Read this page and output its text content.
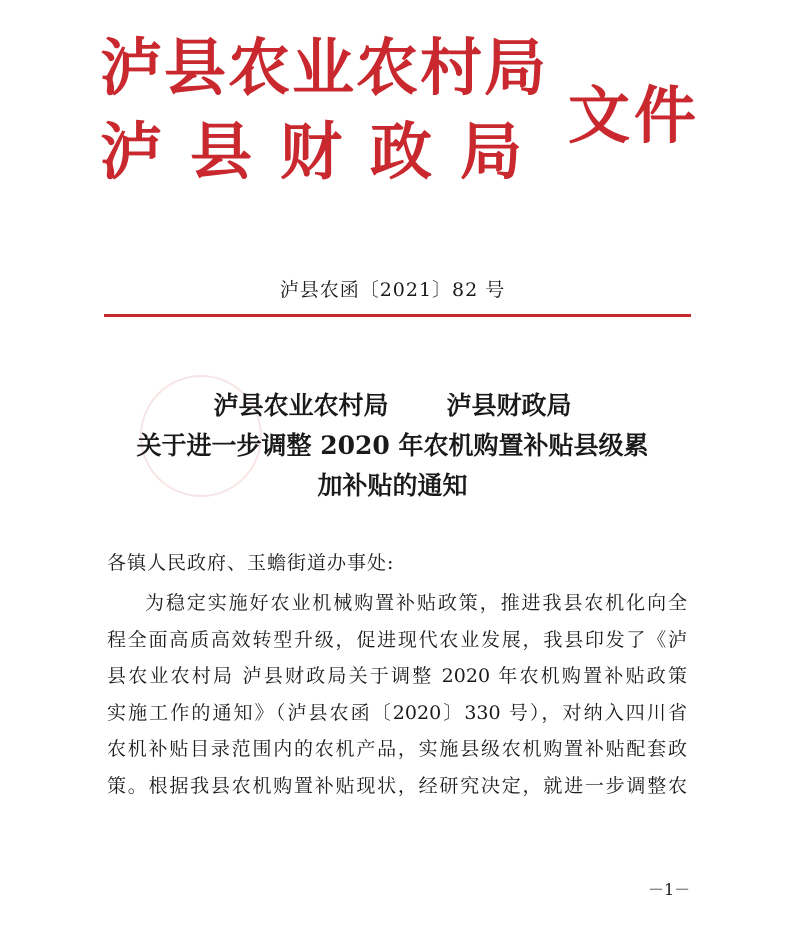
泸县农业农村局
泸县财政局 文件
泸县农函〔2021〕82 号
泸县农业农村局 泸县财政局
关于进一步调整 2020 年农机购置补贴县级累
加补贴的通知
各镇人民政府、玉蟾街道办事处:
为稳定实施好农业机械购置补贴政策，推进我县农机化向全
程全面高质高效转型升级，促进现代农业发展，我县印发了《泸
县农业农村局 泸县财政局关于调整 2020 年农机购置补贴政策
实施工作的通知》（泸县农函〔2020〕330 号），对纳入四川省
农机补贴目录范围内的农机产品，实施县级农机购置补贴配套政
策。根据我县农机购置补贴现状，经研究决定，就进一步调整农
－1－
